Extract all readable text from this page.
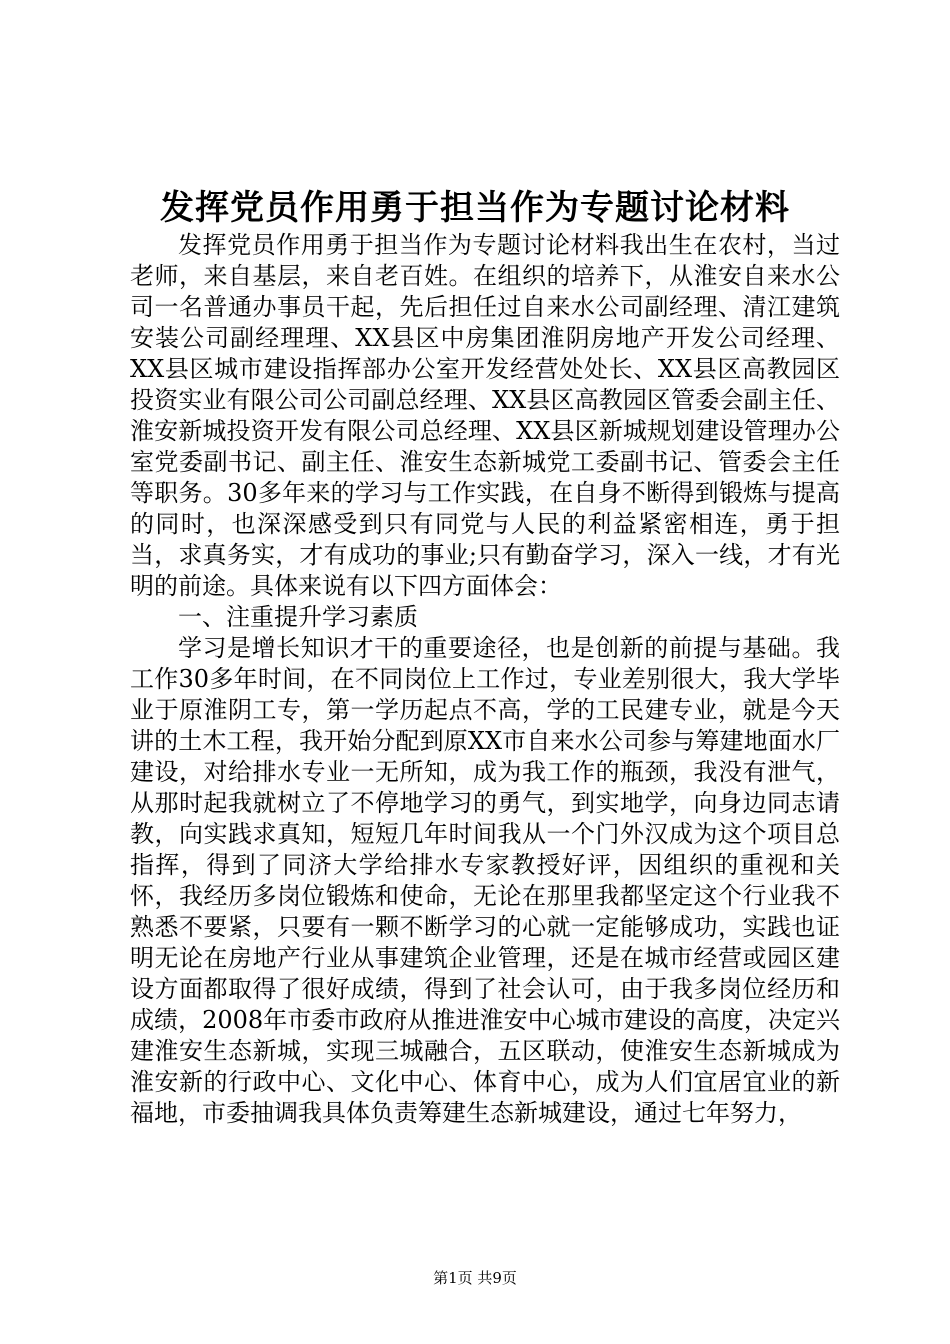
发挥党员作用勇于担当作为专题讨论材料

发挥党员作用勇于担当作为专题讨论材料我出生在农村，当过老师，来自基层，来自老百姓。在组织的培养下，从淮安自来水公司一名普通办事员干起，先后担任过自来水公司副经理、清江建筑安装公司副经理理、XX县区中房集团淮阴房地产开发公司经理、XX县区城市建设指挥部办公室开发经营处处长、XX县区高教园区投资实业有限公司公司副总经理、XX县区高教园区管委会副主任、淮安新城投资开发有限公司总经理、XX县区新城规划建设管理办公室党委副书记、副主任、淮安生态新城党工委副书记、管委会主任等职务。30多年来的学习与工作实践，在自身不断得到锻炼与提高的同时，也深深感受到只有同党与人民的利益紧密相连，勇于担当，求真务实，才有成功的事业;只有勤奋学习，深入一线，才有光明的前途。具体来说有以下四方面体会：

一、注重提升学习素质

学习是增长知识才干的重要途径，也是创新的前提与基础。我工作30多年时间，在不同岗位上工作过，专业差别很大，我大学毕业于原淮阴工专，第一学历起点不高，学的工民建专业，就是今天讲的土木工程，我开始分配到原XX市自来水公司参与筹建地面水厂建设，对给排水专业一无所知，成为我工作的瓶颈，我没有泄气，从那时起我就树立了不停地学习的勇气，到实地学，向身边同志请教，向实践求真知，短短几年时间我从一个门外汉成为这个项目总指挥，得到了同济大学给排水专家教授好评，因组织的重视和关怀，我经历多岗位锻炼和使命，无论在那里我都坚定这个行业我不熟悉不要紧，只要有一颗不断学习的心就一定能够成功，实践也证明无论在房地产行业从事建筑企业管理，还是在城市经营或园区建设方面都取得了很好成绩，得到了社会认可，由于我多岗位经历和成绩，2008年市委市政府从推进淮安中心城市建设的高度，决定兴建淮安生态新城，实现三城融合，五区联动，使淮安生态新城成为淮安新的行政中心、文化中心、体育中心，成为人们宜居宜业的新福地，市委抽调我具体负责筹建生态新城建设，通过七年努力，

第1页 共9页
